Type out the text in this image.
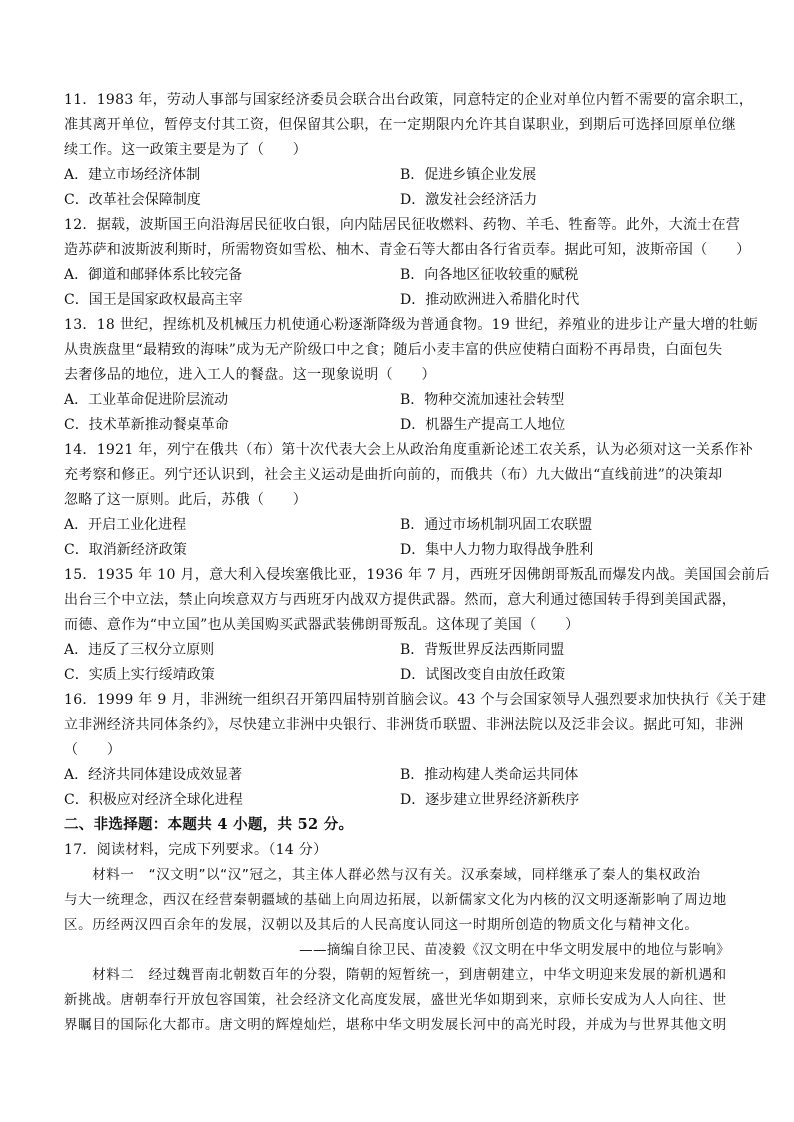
11．1983 年，劳动人事部与国家经济委员会联合出台政策，同意特定的企业对单位内暂不需要的富余职工，
准其离开单位，暂停支付其工资，但保留其公职，在一定期限内允许其自谋职业，到期后可选择回原单位继
续工作。这一政策主要是为了（　　）
A．建立市场经济体制	B．促进乡镇企业发展
C．改革社会保障制度	D．激发社会经济活力
12．据载，波斯国王向沿海居民征收白银，向内陆居民征收燃料、药物、羊毛、牲畜等。此外，大流士在营
造苏萨和波斯波利斯时，所需物资如雪松、柚木、青金石等大都由各行省贡奉。据此可知，波斯帝国（　　）
A．御道和邮驿体系比较完备	B．向各地区征收较重的赋税
C．国王是国家政权最高主宰	D．推动欧洲进入希腊化时代
13．18 世纪，捏练机及机械压力机使通心粉逐渐降级为普通食物。19 世纪，养殖业的进步让产量大增的牡蛎
从贵族盘里“最精致的海味”成为无产阶级口中之食；随后小麦丰富的供应使精白面粉不再昂贵，白面包失
去奢侈品的地位，进入工人的餐盘。这一现象说明（　　）
A．工业革命促进阶层流动	B．物种交流加速社会转型
C．技术革新推动餐桌革命	D．机器生产提高工人地位
14．1921 年，列宁在俄共（布）第十次代表大会上从政治角度重新论述工农关系，认为必须对这一关系作补
充考察和修正。列宁还认识到，社会主义运动是曲折向前的，而俄共（布）九大做出“直线前进”的决策却
忽略了这一原则。此后，苏俄（　　）
A．开启工业化进程	B．通过市场机制巩固工农联盟
C．取消新经济政策	D．集中人力物力取得战争胜利
15．1935 年 10 月，意大利入侵埃塞俄比亚，1936 年 7 月，西班牙因佛朗哥叛乱而爆发内战。美国国会前后
出台三个中立法，禁止向埃意双方与西班牙内战双方提供武器。然而，意大利通过德国转手得到美国武器，
而德、意作为“中立国”也从美国购买武器武装佛朗哥叛乱。这体现了美国（　　）
A．违反了三权分立原则	B．背叛世界反法西斯同盟
C．实质上实行绥靖政策	D．试图改变自由放任政策
16．1999 年 9 月，非洲统一组织召开第四届特别首脑会议。43 个与会国家领导人强烈要求加快执行《关于建
立非洲经济共同体条约》，尽快建立非洲中央银行、非洲货币联盟、非洲法院以及泛非会议。据此可知，非洲
（　　）
A．经济共同体建设成效显著	B．推动构建人类命运共同体
C．积极应对经济全球化进程	D．逐步建立世界经济新秩序
二、非选择题：本题共 4 小题，共 52 分。
17．阅读材料，完成下列要求。（14 分）
　　材料一　“汉文明”以“汉”冠之，其主体人群必然与汉有关。汉承秦域，同样继承了秦人的集权政治
与大一统理念，西汉在经营秦朝疆域的基础上向周边拓展，以新儒家文化为内核的汉文明逐渐影响了周边地
区。历经两汉四百余年的发展，汉朝以及其后的人民高度认同这一时期所创造的物质文化与精神文化。
——摘编自徐卫民、苗凌毅《汉文明在中华文明发展中的地位与影响》
　　材料二　经过魏晋南北朝数百年的分裂，隋朝的短暂统一，到唐朝建立，中华文明迎来发展的新机遇和
新挑战。唐朝奉行开放包容国策，社会经济文化高度发展，盛世光华如期到来，京师长安成为人人向往、世
界瞩目的国际化大都市。唐文明的辉煌灿烂，堪称中华文明发展长河中的高光时段，并成为与世界其他文明
